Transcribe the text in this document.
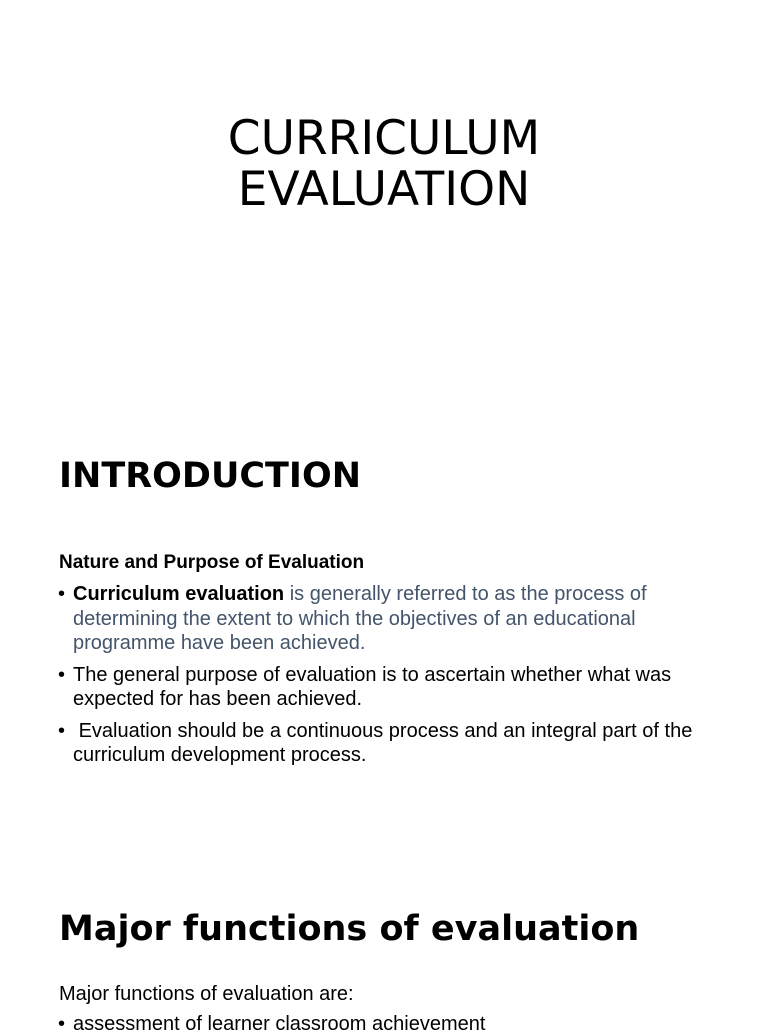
CURRICULUM
EVALUATION
INTRODUCTION

Nature and Purpose of Evaluation

• Curriculum evaluation is generally referred to as the process of determining the extent to which the objectives of an educational programme have been achieved.
• The general purpose of evaluation is to ascertain whether what was expected for has been achieved.
• Evaluation should be a continuous process and an integral part of the curriculum development process.
Major functions of evaluation

Major functions of evaluation are:

• assessment of learner classroom achievement
